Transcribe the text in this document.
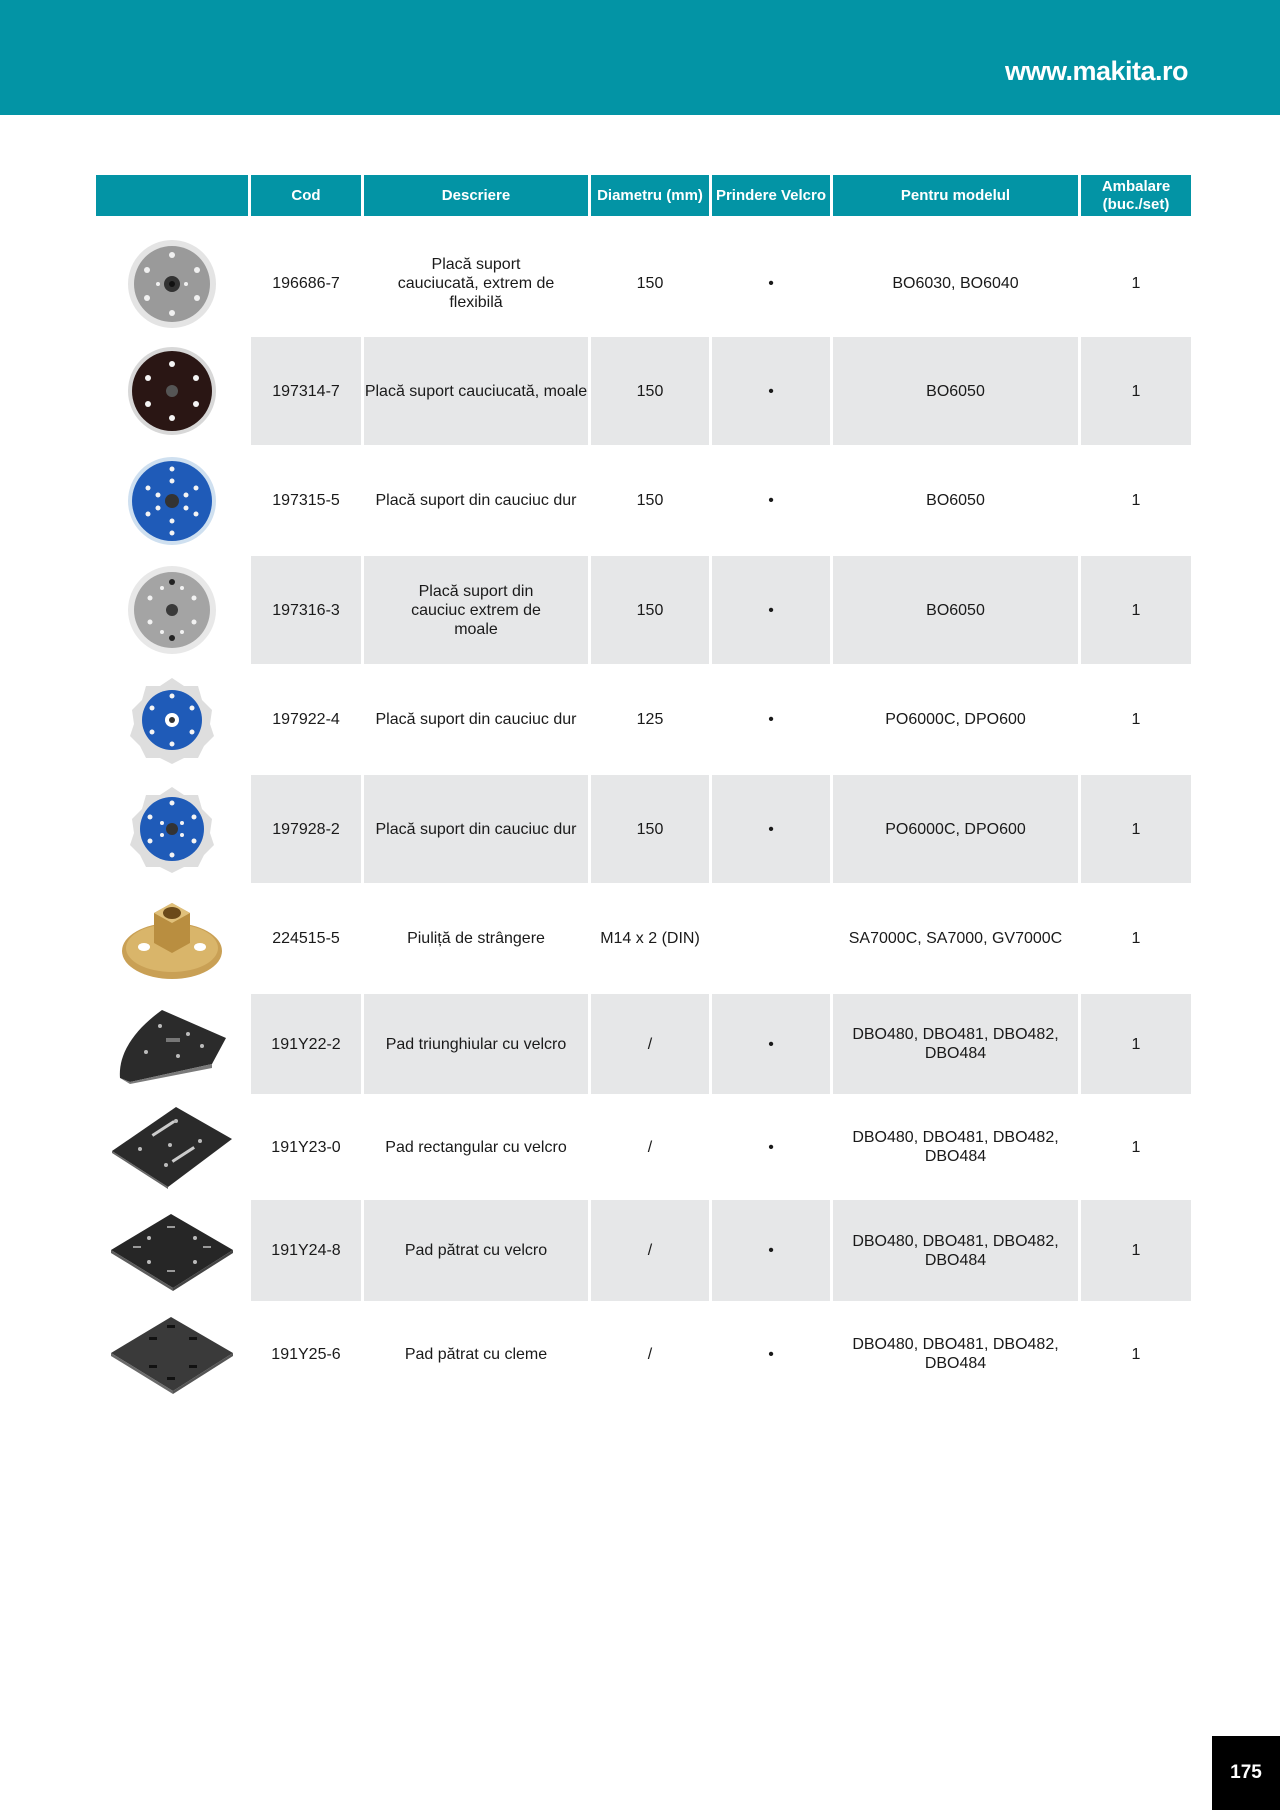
www.makita.ro
	Cod	Descriere	Diametru (mm)	Prindere Velcro	Pentru modelul	Ambalare (buc./set)

	196686-7	Placă suport cauciucată, extrem de flexibilă	150	•	BO6030, BO6040	1

	197314-7	Placă suport cauciucată, moale	150	•	BO6050	1

	197315-5	Placă suport din cauciuc dur	150	•	BO6050	1

	197316-3	Placă suport din cauciuc extrem de moale	150	•	BO6050	1

	197922-4	Placă suport din cauciuc dur	125	•	PO6000C, DPO600	1

	197928-2	Placă suport din cauciuc dur	150	•	PO6000C, DPO600	1

	224515-5	Piuliță de strângere	M14 x 2 (DIN)		SA7000C, SA7000, GV7000C	1

	191Y22-2	Pad triunghiular cu velcro	/	•	DBO480, DBO481, DBO482, DBO484	1

	191Y23-0	Pad rectangular cu velcro	/	•	DBO480, DBO481, DBO482, DBO484	1

	191Y24-8	Pad pătrat cu velcro	/	•	DBO480, DBO481, DBO482, DBO484	1

	191Y25-6	Pad pătrat cu cleme	/	•	DBO480, DBO481, DBO482, DBO484	1
175
